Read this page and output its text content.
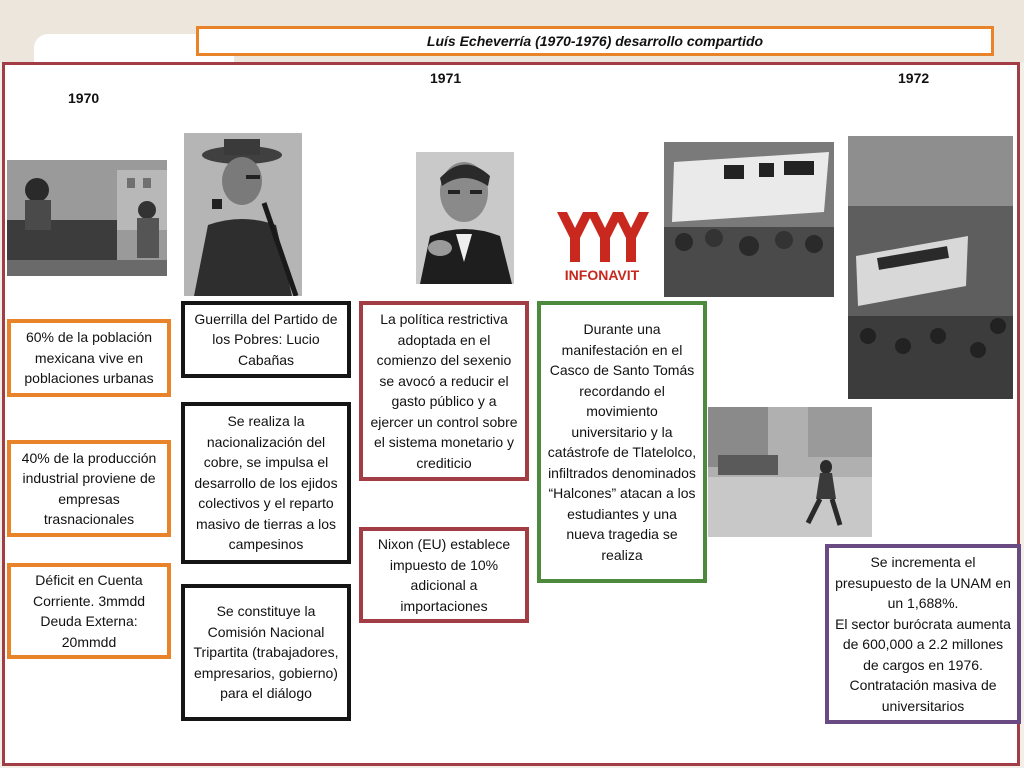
Luís Echeverría (1970-1976) desarrollo compartido
1970
1971	1972
INFONAVIT
60% de la población mexicana vive en poblaciones urbanas
40% de la producción industrial proviene de empresas trasnacionales
Déficit en Cuenta Corriente. 3mmdd Deuda Externa: 20mmdd
Guerrilla del Partido de los Pobres: Lucio Cabañas
Se realiza la nacionalización del cobre, se impulsa el desarrollo de los ejidos colectivos y el reparto masivo de tierras a los campesinos
Se constituye la Comisión Nacional Tripartita (trabajadores, empresarios, gobierno) para el diálogo
La política restrictiva adoptada en el comienzo del sexenio se avocó a reducir el gasto público y a ejercer un control sobre el sistema monetario y crediticio
Nixon (EU) establece impuesto de 10% adicional a importaciones
Durante una manifestación en el Casco de Santo Tomás recordando el movimiento universitario y la catástrofe de Tlatelolco, infiltrados denominados “Halcones” atacan a los estudiantes y una nueva tragedia se realiza	Se incrementa el presupuesto de la UNAM en un 1,688%.
El sector burócrata aumenta de 600,000 a 2.2 millones de cargos en 1976.
Contratación masiva de universitarios
